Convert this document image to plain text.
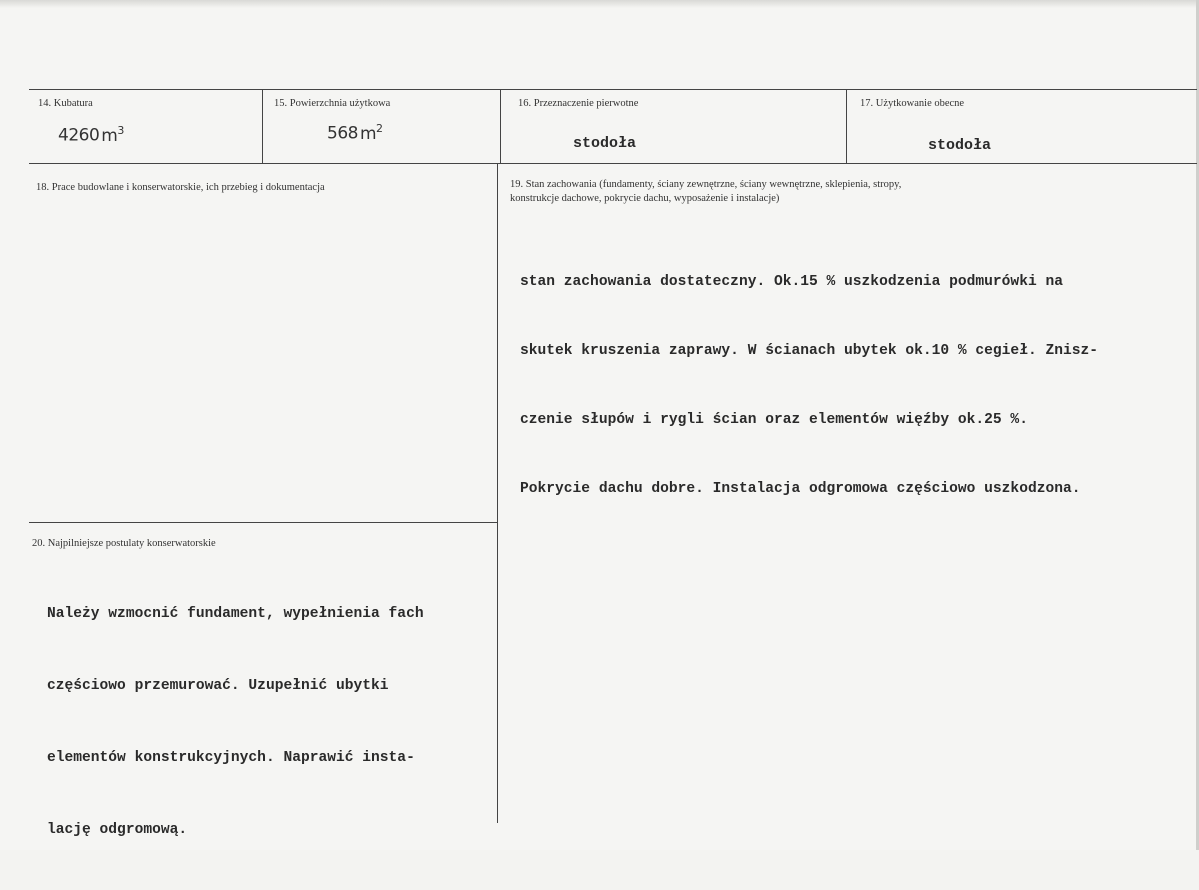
14. Kubatura
4260 $m^3$
15. Powierzchnia użytkowa
568 $m^2$
16. Przeznaczenie pierwotne
stodoła
17. Użytkowanie obecne
stodoła
18. Prace budowlane i konserwatorskie, ich przebieg i dokumentacja	19. Stan zachowania (fundamenty, ściany zewnętrzne, ściany wewnętrzne, sklepienia, stropy,
konstrukcje dachowe, pokrycie dachu, wyposażenie i instalacje)

stan zachowania dostateczny. Ok.15 % uszkodzenia podmurówki na

skutek kruszenia zaprawy. W ścianach ubytek ok.10 % cegieł. Znisz-

czenie słupów i rygli ścian oraz elementów więźby ok.25 %.

Pokrycie dachu dobre. Instalacja odgromowa częściowo uszkodzona.

20. Najpilniejsze postulaty konserwatorskie

Należy wzmocnić fundament, wypełnienia fach

częściowo przemurować. Uzupełnić ubytki

elementów konstrukcyjnych. Naprawić insta-

lację odgromową.
